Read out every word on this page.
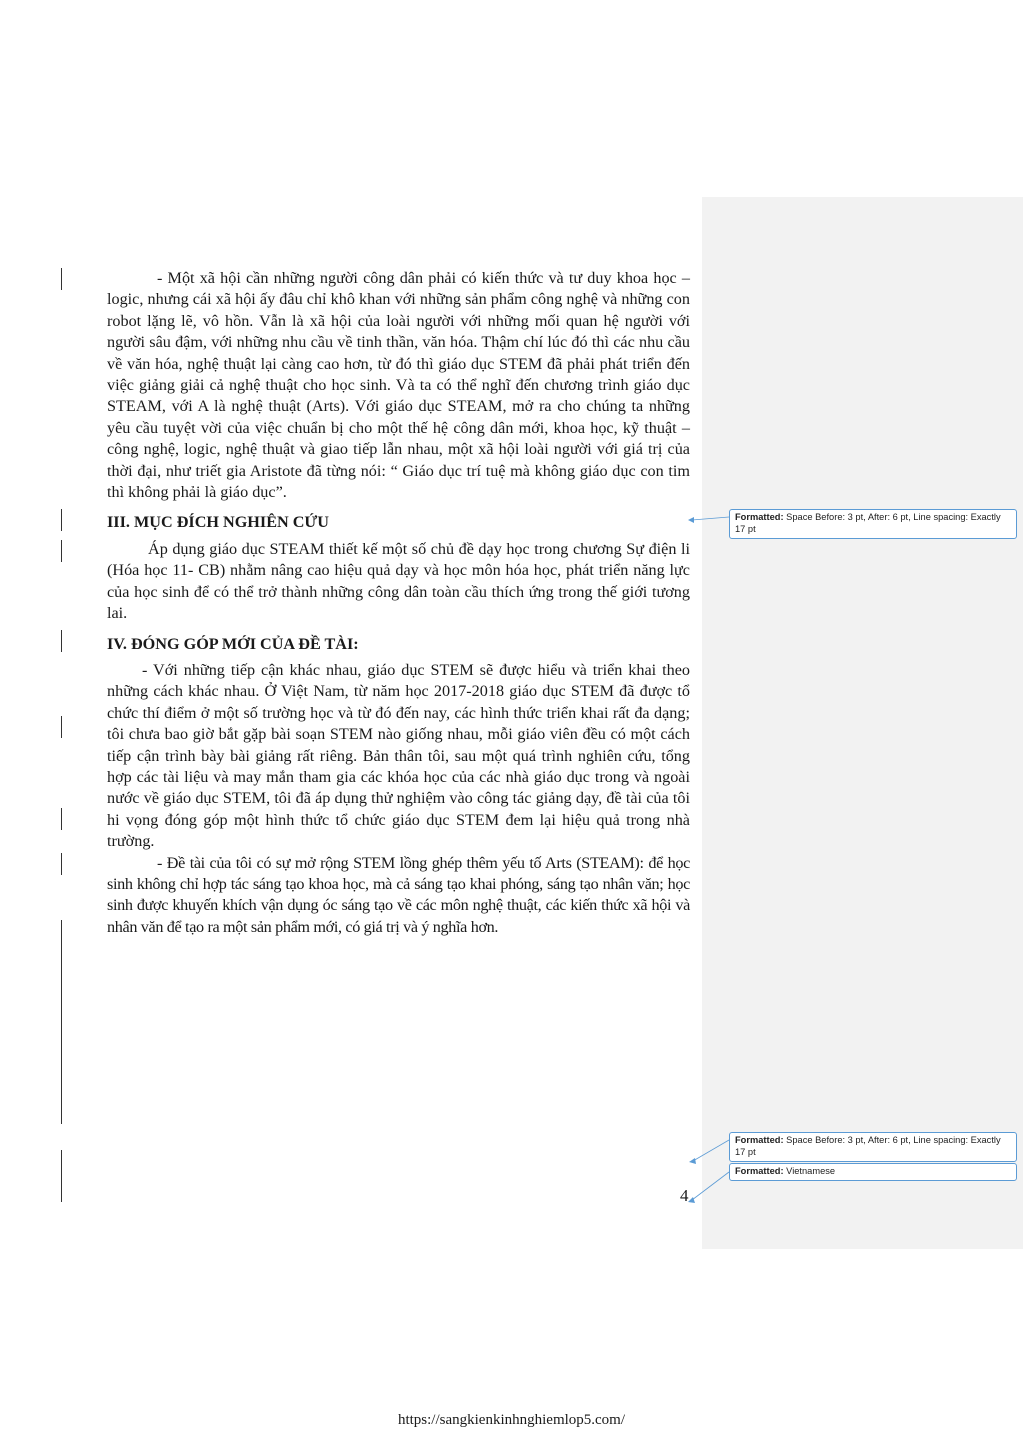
- Một xã hội cần những người công dân phải có kiến thức và tư duy khoa học – logic, nhưng cái xã hội ấy đâu chỉ khô khan với những sản phẩm công nghệ và những con robot lặng lẽ, vô hồn. Vẫn là xã hội của loài người với những mối quan hệ người với người sâu đậm, với những nhu cầu về tinh thần, văn hóa. Thậm chí lúc đó thì các nhu cầu về văn hóa, nghệ thuật lại càng cao hơn, từ đó thì giáo dục STEM đã phải phát triển đến việc giảng giải cả nghệ thuật cho học sinh. Và ta có thể nghĩ đến chương trình giáo dục STEAM, với A là nghệ thuật (Arts). Với giáo dục STEAM, mở ra cho chúng ta những yêu cầu tuyệt vời của việc chuẩn bị cho một thế hệ công dân mới, khoa học, kỹ thuật – công nghệ, logic, nghệ thuật và giao tiếp lẫn nhau, một xã hội loài người với giá trị của thời đại, như triết gia Aristote đã từng nói: “ Giáo dục trí tuệ mà không giáo dục con tim thì không phải là giáo dục”.

III. MỤC ĐÍCH NGHIÊN CỨU

Áp dụng giáo dục STEAM thiết kế một số chủ đề dạy học trong chương Sự điện li (Hóa học 11- CB) nhằm nâng cao hiệu quả dạy và học môn hóa học, phát triển năng lực của học sinh để có thể trở thành những công dân toàn cầu thích ứng trong thế giới tương lai.

IV. ĐÓNG GÓP MỚI CỦA ĐỀ TÀI:

- Với những tiếp cận khác nhau, giáo dục STEM sẽ được hiểu và triển khai theo những cách khác nhau. Ở Việt Nam, từ năm học 2017-2018 giáo dục STEM đã được tổ chức thí điểm ở một số trường học và từ đó đến nay, các hình thức triển khai rất đa dạng; tôi chưa bao giờ bắt gặp bài soạn STEM nào giống nhau, mỗi giáo viên đều có một cách tiếp cận trình bày bài giảng rất riêng. Bản thân tôi, sau một quá trình nghiên cứu, tổng hợp các tài liệu và may mắn tham gia các khóa học của các nhà giáo dục trong và ngoài nước về giáo dục STEM, tôi đã áp dụng thử nghiệm vào công tác giảng dạy, đề tài của tôi hi vọng đóng góp một hình thức tổ chức giáo dục STEM đem lại hiệu quả trong nhà trường.

- Đề tài của tôi có sự mở rộng STEM lồng ghép thêm yếu tố Arts (STEAM): để học sinh không chỉ hợp tác sáng tạo khoa học, mà cả sáng tạo khai phóng, sáng tạo nhân văn; học sinh được khuyến khích vận dụng óc sáng tạo về các môn nghệ thuật, các kiến thức xã hội và nhân văn để tạo ra một sản phẩm mới, có giá trị và ý nghĩa hơn.

4
Formatted: Space Before: 3 pt, After: 6 pt, Line spacing: Exactly 17 pt
Formatted: Space Before: 3 pt, After: 6 pt, Line spacing: Exactly 17 pt
Formatted: Vietnamese
https://sangkienkinhnghiemlop5.com/
